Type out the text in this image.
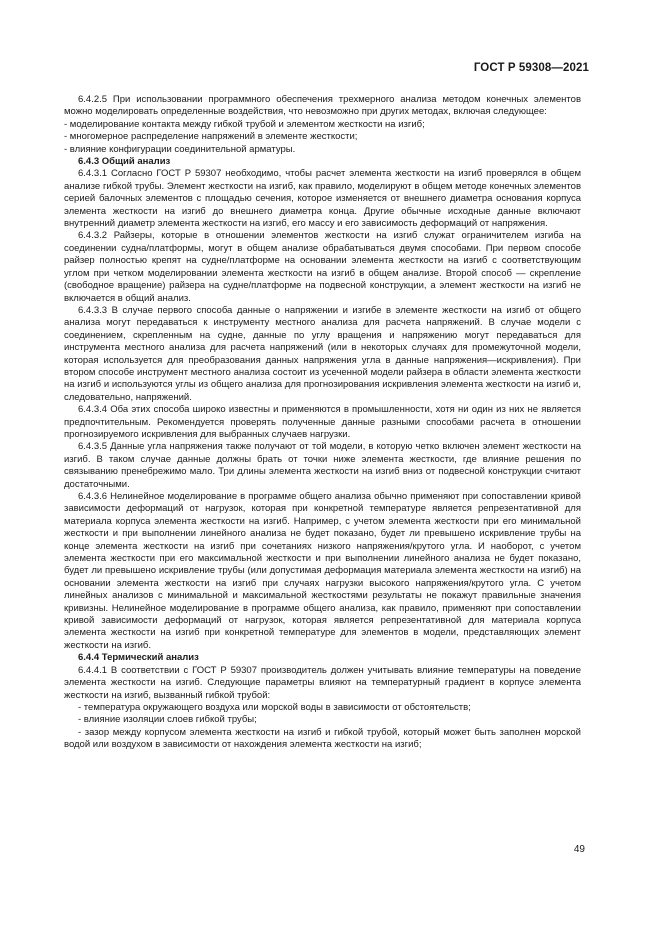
ГОСТ Р 59308—2021

6.4.2.5 При использовании программного обеспечения трехмерного анализа методом конечных элементов можно моделировать определенные воздействия, что невозможно при других методах, включая следующее:

- моделирование контакта между гибкой трубой и элементом жесткости на изгиб;

- многомерное распределение напряжений в элементе жесткости;

- влияние конфигурации соединительной арматуры.

6.4.3 Общий анализ

6.4.3.1 Согласно ГОСТ Р 59307 необходимо, чтобы расчет элемента жесткости на изгиб проверялся в общем анализе гибкой трубы. Элемент жесткости на изгиб, как правило, моделируют в общем методе конечных элементов серией балочных элементов с площадью сечения, которое изменяется от внешнего диаметра основания корпуса элемента жесткости на изгиб до внешнего диаметра конца. Другие обычные исходные данные включают внутренний диаметр элемента жесткости на изгиб, его массу и его зависимость деформаций от напряжения.

6.4.3.2 Райзеры, которые в отношении элементов жесткости на изгиб служат ограничителем изгиба на соединении судна/платформы, могут в общем анализе обрабатываться двумя способами. При первом способе райзер полностью крепят на судне/платформе на основании элемента жесткости на изгиб с соответствующим углом при четком моделировании элемента жесткости на изгиб в общем анализе. Второй способ — скрепление (свободное вращение) райзера на судне/платформе на подвесной конструкции, а элемент жесткости на изгиб не включается в общий анализ.

6.4.3.3 В случае первого способа данные о напряжении и изгибе в элементе жесткости на изгиб от общего анализа могут передаваться к инструменту местного анализа для расчета напряжений. В случае модели с соединением, скрепленным на судне, данные по углу вращения и напряжению могут передаваться для инструмента местного анализа для расчета напряжений (или в некоторых случаях для промежуточной модели, которая используется для преобразования данных напряжения угла в данные напряжения—искривления). При втором способе инструмент местного анализа состоит из усеченной модели райзера в области элемента жесткости на изгиб и используются углы из общего анализа для прогнозирования искривления элемента жесткости на изгиб и, следовательно, напряжений.

6.4.3.4 Оба этих способа широко известны и применяются в промышленности, хотя ни один из них не является предпочтительным. Рекомендуется проверять полученные данные разными способами расчета в отношении прогнозируемого искривления для выбранных случаев нагрузки.

6.4.3.5 Данные угла напряжения также получают от той модели, в которую четко включен элемент жесткости на изгиб. В таком случае данные должны брать от точки ниже элемента жесткости, где влияние решения по связыванию пренебрежимо мало. Три длины элемента жесткости на изгиб вниз от подвесной конструкции считают достаточными.

6.4.3.6 Нелинейное моделирование в программе общего анализа обычно применяют при сопоставлении кривой зависимости деформаций от нагрузок, которая при конкретной температуре является репрезентативной для материала корпуса элемента жесткости на изгиб. Например, с учетом элемента жесткости при его минимальной жесткости и при выполнении линейного анализа не будет показано, будет ли превышено искривление трубы на конце элемента жесткости на изгиб при сочетаниях низкого напряжения/крутого угла. И наоборот, с учетом элемента жесткости при его максимальной жесткости и при выполнении линейного анализа не будет показано, будет ли превышено искривление трубы (или допустимая деформация материала элемента жесткости на изгиб) на основании элемента жесткости на изгиб при случаях нагрузки высокого напряжения/крутого угла. С учетом линейных анализов с минимальной и максимальной жесткостями результаты не покажут правильные значения кривизны. Нелинейное моделирование в программе общего анализа, как правило, применяют при сопоставлении кривой зависимости деформаций от нагрузок, которая является репрезентативной для материала корпуса элемента жесткости на изгиб при конкретной температуре для элементов в модели, представляющих элемент жесткости на изгиб.

6.4.4 Термический анализ

6.4.4.1 В соответствии с ГОСТ Р 59307 производитель должен учитывать влияние температуры на поведение элемента жесткости на изгиб. Следующие параметры влияют на температурный градиент в корпусе элемента жесткости на изгиб, вызванный гибкой трубой:

- температура окружающего воздуха или морской воды в зависимости от обстоятельств;

- влияние изоляции слоев гибкой трубы;

- зазор между корпусом элемента жесткости на изгиб и гибкой трубой, который может быть заполнен морской водой или воздухом в зависимости от нахождения элемента жесткости на изгиб;

49
